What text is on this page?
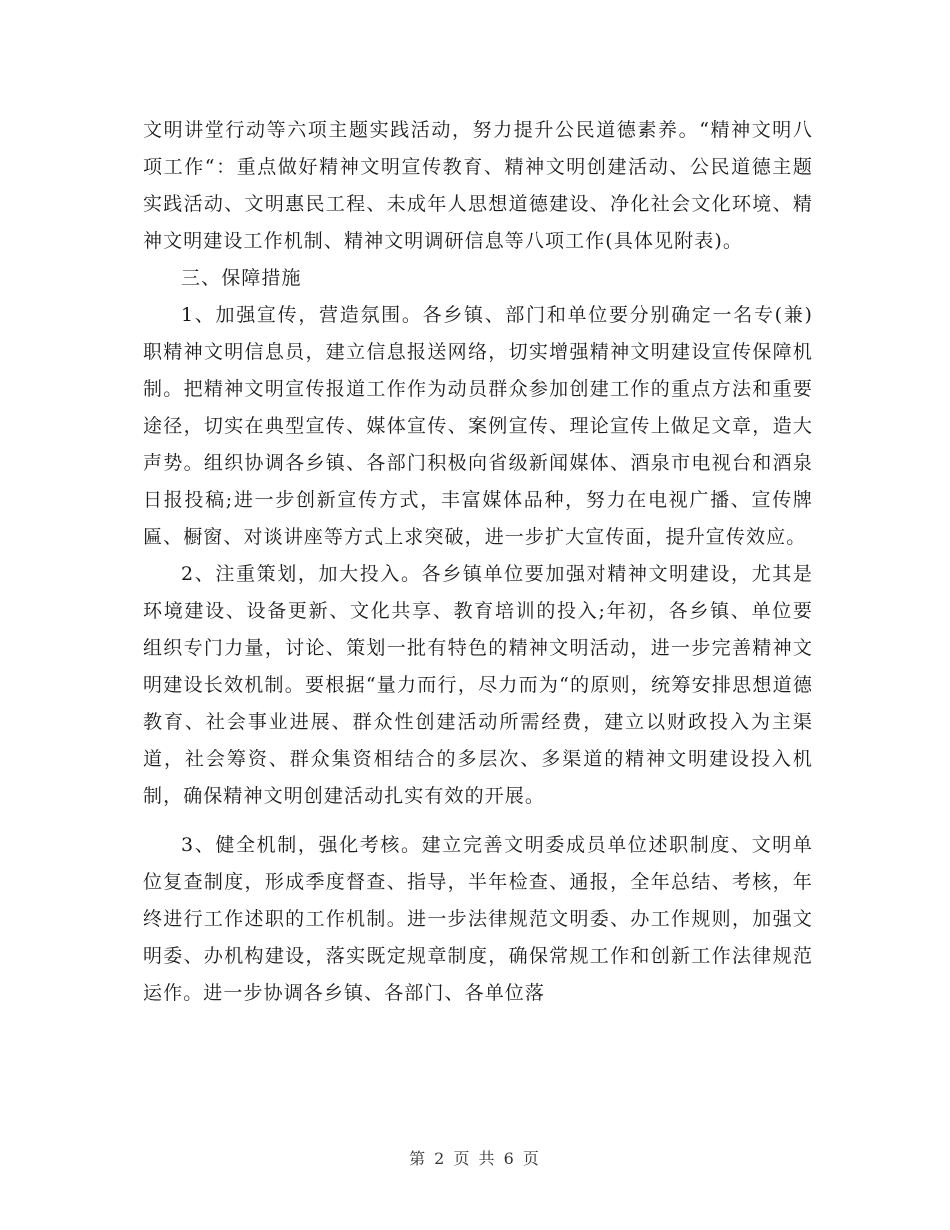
文明讲堂行动等六项主题实践活动，努力提升公民道德素养。“精神文明八项工作“：重点做好精神文明宣传教育、精神文明创建活动、公民道德主题实践活动、文明惠民工程、未成年人思想道德建设、净化社会文化环境、精神文明建设工作机制、精神文明调研信息等八项工作(具体见附表)。

三、保障措施

1、加强宣传，营造氛围。各乡镇、部门和单位要分别确定一名专(兼)职精神文明信息员，建立信息报送网络，切实增强精神文明建设宣传保障机制。把精神文明宣传报道工作作为动员群众参加创建工作的重点方法和重要途径，切实在典型宣传、媒体宣传、案例宣传、理论宣传上做足文章，造大声势。组织协调各乡镇、各部门积极向省级新闻媒体、酒泉市电视台和酒泉日报投稿;进一步创新宣传方式，丰富媒体品种，努力在电视广播、宣传牌匾、橱窗、对谈讲座等方式上求突破，进一步扩大宣传面，提升宣传效应。

2、注重策划，加大投入。各乡镇单位要加强对精神文明建设，尤其是环境建设、设备更新、文化共享、教育培训的投入;年初，各乡镇、单位要组织专门力量，讨论、策划一批有特色的精神文明活动，进一步完善精神文明建设长效机制。要根据“量力而行，尽力而为“的原则，统筹安排思想道德教育、社会事业进展、群众性创建活动所需经费，建立以财政投入为主渠道，社会筹资、群众集资相结合的多层次、多渠道的精神文明建设投入机制，确保精神文明创建活动扎实有效的开展。

3、健全机制，强化考核。建立完善文明委成员单位述职制度、文明单位复查制度，形成季度督查、指导，半年检查、通报，全年总结、考核，年终进行工作述职的工作机制。进一步法律规范文明委、办工作规则，加强文明委、办机构建设，落实既定规章制度，确保常规工作和创新工作法律规范运作。进一步协调各乡镇、各部门、各单位落

第 2 页 共 6 页
